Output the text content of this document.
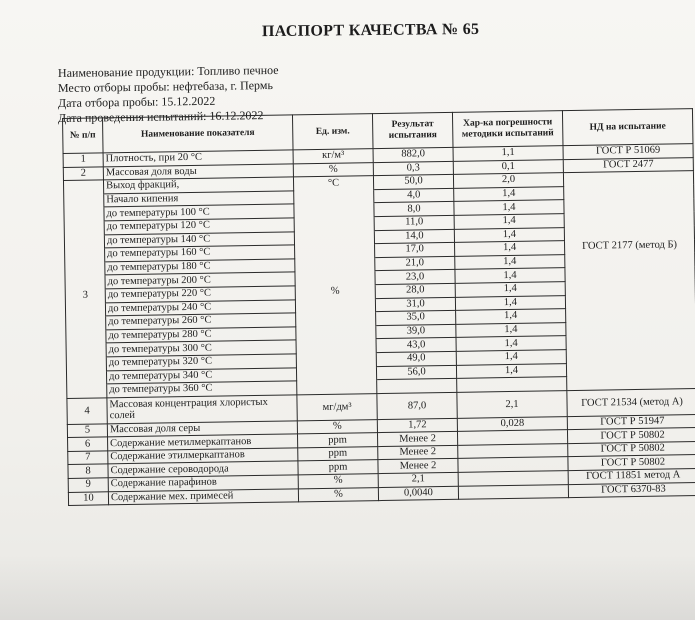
ПАСПОРТ КАЧЕСТВА № 65
Наименование продукции: Топливо печное
Место отборы пробы: нефтебаза, г. Пермь
Дата отбора пробы: 15.12.2022
Дата проведения испытаний: 16.12.2022
№ п/п	Наименование показателя	Ед. изм.	Результат испытания	Хар-ка погрешности методики испытаний	НД на испытание
1	Плотность, при 20 °С	кг/м³	882,0	1,1	ГОСТ Р 51069
2	Массовая доля воды	%	0,3	0,1	ГОСТ 2477
	Выход фракций,	°С	50,0	2,0	
	Начало кипения		4,0	1,4	
	до температуры 100 °С		8,0	1,4	
	до температуры 120 °С		11,0	1,4	
	до температуры 140 °С		14,0	1,4	
	до температуры 160 °С		17,0	1,4	ГОСТ 2177 (метод Б)
	до температуры 180 °С		21,0	1,4	
	до температуры 200 °С		23,0	1,4	
3	до температуры 220 °С	%	28,0	1,4	
	до температуры 240 °С		31,0	1,4	
	до температуры 260 °С		35,0	1,4	
	до температуры 280 °С		39,0	1,4	
	до температуры 300 °С		43,0	1,4	
	до температуры 320 °С		49,0	1,4	
	до температуры 340 °С		56,0	1,4	
	до температуры 360 °С				
4	Массовая концентрация хлористых солей	мг/дм³	87,0	2,1	ГОСТ 21534 (метод А)
5	Массовая доля серы	%	1,72	0,028	ГОСТ Р 51947
6	Содержание метилмеркаптанов	ppm	Менее 2		ГОСТ Р 50802
7	Содержание этилмеркаптанов	ppm	Менее 2		ГОСТ Р 50802
8	Содержание сероводорода	ppm	Менее 2		ГОСТ Р 50802
9	Содержание парафинов	%	2,1		ГОСТ 11851 метод А
10	Содержание мех. примесей	%	0,0040		ГОСТ 6370-83
